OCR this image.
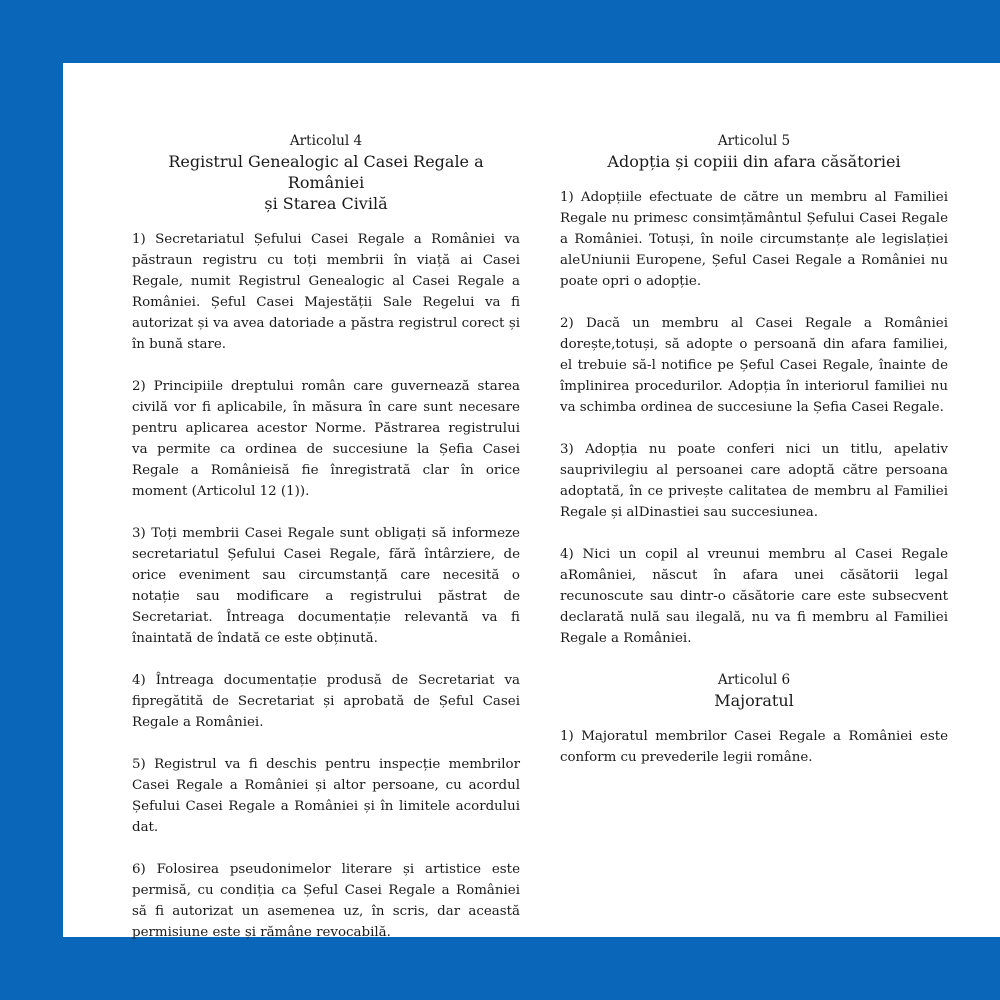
Articolul 4
Registrul Genealogic al Casei Regale a României
și Starea Civilă

1) Secretariatul Șefului Casei Regale a României va păstraun registru cu toți membrii în viață ai Casei Regale, numit Registrul Genealogic al Casei Regale a României. Șeful Casei Majestății Sale Regelui va fi autorizat și va avea datoriade a păstra registrul corect și în bună stare.

2) Principiile dreptului român care guvernează starea civilă vor fi aplicabile, în măsura în care sunt necesare pentru aplicarea acestor Norme. Păstrarea registrului va permite ca ordinea de succesiune la Șefia Casei Regale a Românieisă fie înregistrată clar în orice moment (Articolul 12 (1)).

3) Toți membrii Casei Regale sunt obligați să informeze secretariatul Șefului Casei Regale, fără întârziere, de orice eveniment sau circumstanță care necesită o notație sau modificare a registrului păstrat de Secretariat. Întreaga documentație relevantă va fi înaintată de îndată ce este obținută.

4) Întreaga documentație produsă de Secretariat va fipregătită de Secretariat și aprobată de Șeful Casei Regale a României.

5) Registrul va fi deschis pentru inspecție membrilor Casei Regale a României și altor persoane, cu acordul Șefului Casei Regale a României și în limitele acordului dat.

6) Folosirea pseudonimelor literare și artistice este permisă, cu condiția ca Șeful Casei Regale a României să fi autorizat un asemenea uz, în scris, dar această permisiune este și rămâne revocabilă.

Articolul 5
Adopția și copiii din afara căsătoriei

1) Adopțiile efectuate de către un membru al Familiei Regale nu primesc consimțământul Șefului Casei Regale a României. Totuși, în noile circumstanțe ale legislației aleUniunii Europene, Șeful Casei Regale a României nu poate opri o adopție.

2) Dacă un membru al Casei Regale a României dorește,totuși, să adopte o persoană din afara familiei, el trebuie să-l notifice pe Șeful Casei Regale, înainte de împlinirea procedurilor. Adopția în interiorul familiei nu va schimba ordinea de succesiune la Șefia Casei Regale.

3) Adopția nu poate conferi nici un titlu, apelativ sauprivilegiu al persoanei care adoptă către persoana adoptată, în ce privește calitatea de membru al Familiei Regale și alDinastiei sau succesiunea.

4) Nici un copil al vreunui membru al Casei Regale aRomâniei, născut în afara unei căsătorii legal recunoscute sau dintr-o căsătorie care este subsecvent declarată nulă sau ilegală, nu va fi membru al Familiei Regale a României.

Articolul 6
Majoratul

1) Majoratul membrilor Casei Regale a României este conform cu prevederile legii române.
